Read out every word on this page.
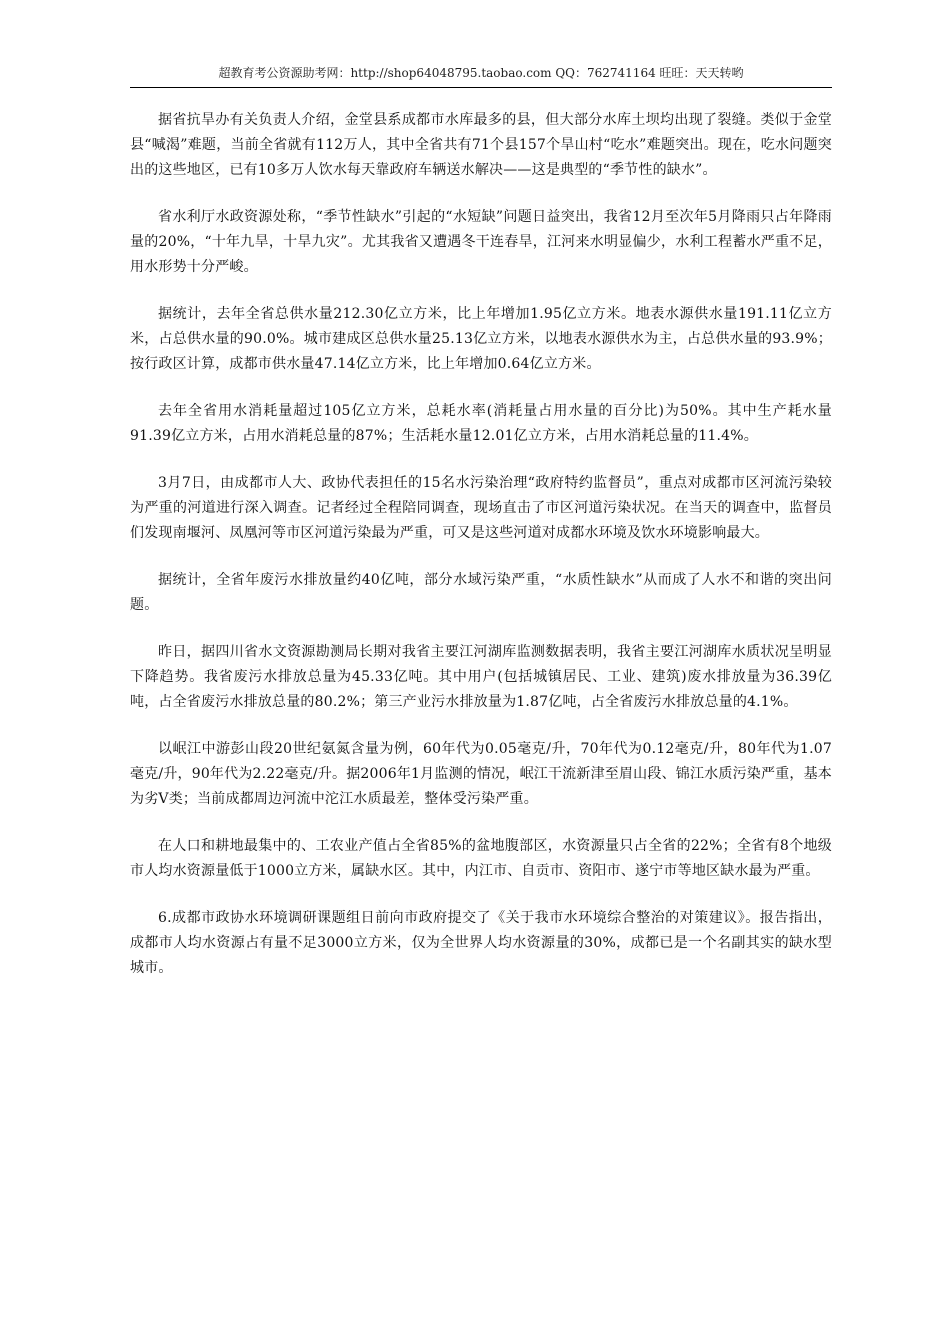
超教育考公资源助考网：http://shop64048795.taobao.com QQ：762741164 旺旺：天天转哟

据省抗旱办有关负责人介绍，金堂县系成都市水库最多的县，但大部分水库土坝均出现了裂缝。类似于金堂县“喊渴”难题，当前全省就有112万人，其中全省共有71个县157个旱山村“吃水”难题突出。现在，吃水问题突出的这些地区，已有10多万人饮水每天靠政府车辆送水解决——这是典型的“季节性的缺水”。

省水利厅水政资源处称，“季节性缺水”引起的“水短缺”问题日益突出，我省12月至次年5月降雨只占年降雨量的20%，“十年九旱，十旱九灾”。尤其我省又遭遇冬干连春旱，江河来水明显偏少，水利工程蓄水严重不足，用水形势十分严峻。

据统计，去年全省总供水量212.30亿立方米，比上年增加1.95亿立方米。地表水源供水量191.11亿立方米，占总供水量的90.0%。城市建成区总供水量25.13亿立方米，以地表水源供水为主，占总供水量的93.9%；按行政区计算，成都市供水量47.14亿立方米，比上年增加0.64亿立方米。

去年全省用水消耗量超过105亿立方米，总耗水率(消耗量占用水量的百分比)为50%。其中生产耗水量91.39亿立方米，占用水消耗总量的87%；生活耗水量12.01亿立方米，占用水消耗总量的11.4%。

3月7日，由成都市人大、政协代表担任的15名水污染治理“政府特约监督员”，重点对成都市区河流污染较为严重的河道进行深入调查。记者经过全程陪同调查，现场直击了市区河道污染状况。在当天的调查中，监督员们发现南堰河、凤凰河等市区河道污染最为严重，可又是这些河道对成都水环境及饮水环境影响最大。

据统计，全省年废污水排放量约40亿吨，部分水域污染严重，“水质性缺水”从而成了人水不和谐的突出问题。

昨日，据四川省水文资源勘测局长期对我省主要江河湖库监测数据表明，我省主要江河湖库水质状况呈明显下降趋势。我省废污水排放总量为45.33亿吨。其中用户(包括城镇居民、工业、建筑)废水排放量为36.39亿吨，占全省废污水排放总量的80.2%；第三产业污水排放量为1.87亿吨，占全省废污水排放总量的4.1%。

以岷江中游彭山段20世纪氨氮含量为例，60年代为0.05毫克/升，70年代为0.12毫克/升，80年代为1.07毫克/升，90年代为2.22毫克/升。据2006年1月监测的情况，岷江干流新津至眉山段、锦江水质污染严重，基本为劣Ⅴ类；当前成都周边河流中沱江水质最差，整体受污染严重。

在人口和耕地最集中的、工农业产值占全省85%的盆地腹部区，水资源量只占全省的22%；全省有8个地级市人均水资源量低于1000立方米，属缺水区。其中，内江市、自贡市、资阳市、遂宁市等地区缺水最为严重。

6.成都市政协水环境调研课题组日前向市政府提交了《关于我市水环境综合整治的对策建议》。报告指出，成都市人均水资源占有量不足3000立方米，仅为全世界人均水资源量的30%，成都已是一个名副其实的缺水型城市。
